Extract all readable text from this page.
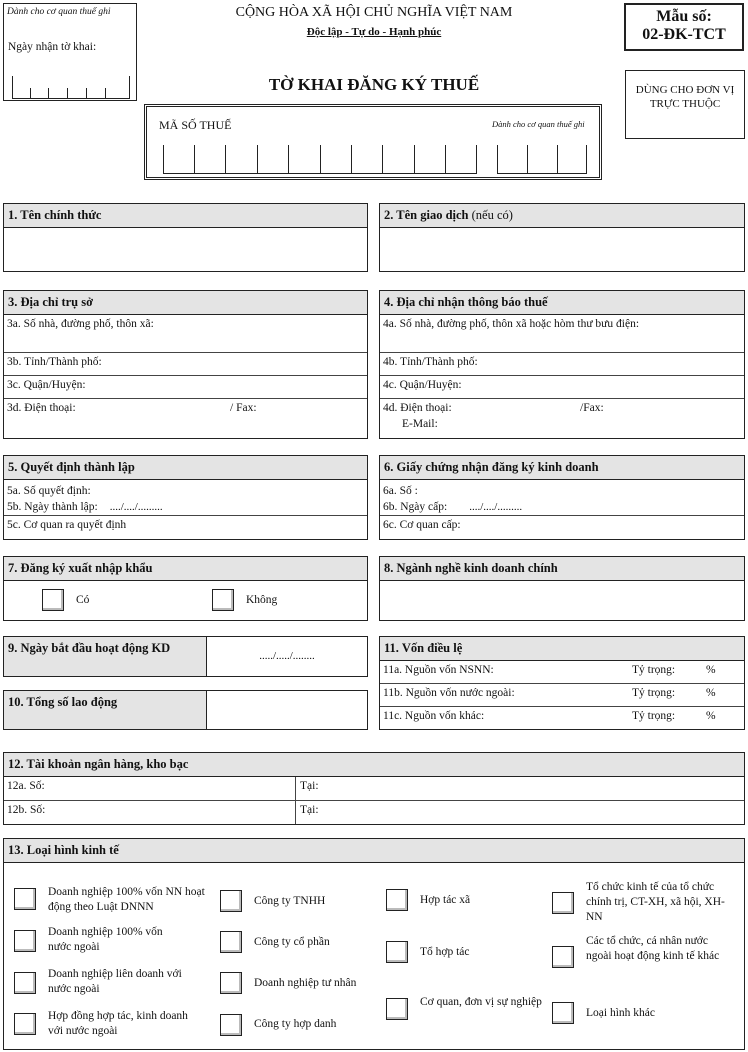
Dành cho cơ quan thuế ghi
Ngày nhận tờ khai:
CỘNG HÒA XÃ HỘI CHỦ NGHĨA VIỆT NAM
Độc lập - Tự do - Hạnh phúc
Mẫu số:
02-ĐK-TCT
DÙNG CHO ĐƠN VỊ TRỰC THUỘC
TỜ KHAI ĐĂNG KÝ THUẾ
MÃ SỐ THUẾ	Dành cho cơ quan thuế ghi
1. Tên chính thức	2. Tên giao dịch (nếu có)
3. Địa chỉ trụ sở
3a. Số nhà, đường phố, thôn xã:
3b. Tỉnh/Thành phố:
3c. Quận/Huyện:
3d. Điện thoại:	/ Fax:
4. Địa chỉ nhận thông báo thuế
4a. Số nhà, đường phố, thôn xã hoặc hòm thư bưu điện:
4b. Tỉnh/Thành phố:
4c. Quận/Huyện:
4d. Điện thoại:	/Fax:
E-Mail:
5. Quyết định thành lập
5a. Số quyết định:
5b. Ngày thành lập: ..../..../.........
5c. Cơ quan ra quyết định
6. Giấy chứng nhận đăng ký kinh doanh
6a. Số :
6b. Ngày cấp: ..../..../.........
6c. Cơ quan cấp:
7. Đăng ký xuất nhập khẩu
Có	Không
8. Ngành nghề kinh doanh chính
9. Ngày bắt đầu hoạt động KD
...../...../........
10. Tổng số lao động
11. Vốn điều lệ
11a. Nguồn vốn NSNN:	Tỷ trọng:	%
11b. Nguồn vốn nước ngoài:	Tỷ trọng:	%
11c. Nguồn vốn khác:	Tỷ trọng:	%
12. Tài khoản ngân hàng, kho bạc
12a. Số:	Tại:
12b. Số:	Tại:
13. Loại hình kinh tế
Doanh nghiệp 100% vốn NN hoạt động theo Luật DNNN
Doanh nghiệp 100% vốn nước ngoài
Doanh nghiệp liên doanh với nước ngoài
Hợp đồng hợp tác, kinh doanh với nước ngoài
Công ty TNHH
Công ty cổ phần
Doanh nghiệp tư nhân
Công ty hợp danh
Hợp tác xã
Tổ hợp tác
Cơ quan, đơn vị sự nghiệp
Tổ chức kinh tế của tổ chức chính trị, CT-XH, xã hội, XH-NN
Các tổ chức, cá nhân nước ngoài hoạt động kinh tế khác
Loại hình khác
